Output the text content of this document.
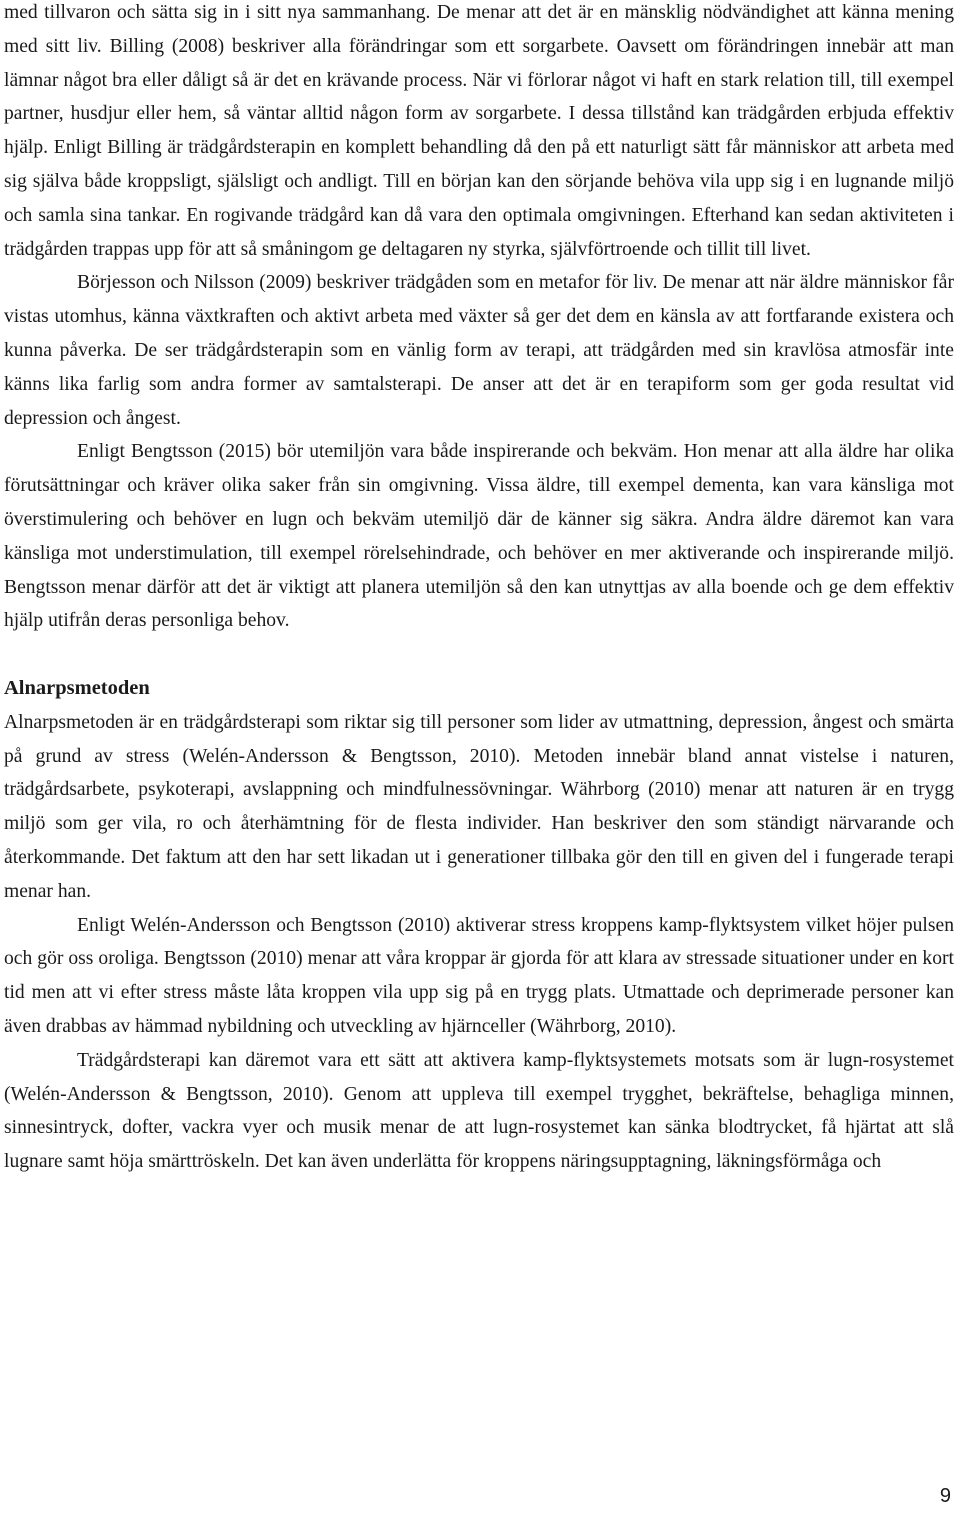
med tillvaron och sätta sig in i sitt nya sammanhang. De menar att det är en mänsklig nödvändighet att känna mening med sitt liv. Billing (2008) beskriver alla förändringar som ett sorgarbete. Oavsett om förändringen innebär att man lämnar något bra eller dåligt så är det en krävande process. När vi förlorar något vi haft en stark relation till, till exempel partner, husdjur eller hem, så väntar alltid någon form av sorgarbete. I dessa tillstånd kan trädgården erbjuda effektiv hjälp. Enligt Billing är trädgårdsterapin en komplett behandling då den på ett naturligt sätt får människor att arbeta med sig själva både kroppsligt, själsligt och andligt. Till en början kan den sörjande behöva vila upp sig i en lugnande miljö och samla sina tankar. En rogivande trädgård kan då vara den optimala omgivningen. Efterhand kan sedan aktiviteten i trädgården trappas upp för att så småningom ge deltagaren ny styrka, självförtroende och tillit till livet.

Börjesson och Nilsson (2009) beskriver trädgåden som en metafor för liv. De menar att när äldre människor får vistas utomhus, känna växtkraften och aktivt arbeta med växter så ger det dem en känsla av att fortfarande existera och kunna påverka. De ser trädgårdsterapin som en vänlig form av terapi, att trädgården med sin kravlösa atmosfär inte känns lika farlig som andra former av samtalsterapi. De anser att det är en terapiform som ger goda resultat vid depression och ångest.

Enligt Bengtsson (2015) bör utemiljön vara både inspirerande och bekväm. Hon menar att alla äldre har olika förutsättningar och kräver olika saker från sin omgivning. Vissa äldre, till exempel dementa, kan vara känsliga mot överstimulering och behöver en lugn och bekväm utemiljö där de känner sig säkra. Andra äldre däremot kan vara känsliga mot understimulation, till exempel rörelsehindrade, och behöver en mer aktiverande och inspirerande miljö. Bengtsson menar därför att det är viktigt att planera utemiljön så den kan utnyttjas av alla boende och ge dem effektiv hjälp utifrån deras personliga behov.

Alnarpsmetoden

Alnarpsmetoden är en trädgårdsterapi som riktar sig till personer som lider av utmattning, depression, ångest och smärta på grund av stress (Welén-Andersson & Bengtsson, 2010). Metoden innebär bland annat vistelse i naturen, trädgårdsarbete, psykoterapi, avslappning och mindfulnessövningar. Währborg (2010) menar att naturen är en trygg miljö som ger vila, ro och återhämtning för de flesta individer. Han beskriver den som ständigt närvarande och återkommande. Det faktum att den har sett likadan ut i generationer tillbaka gör den till en given del i fungerade terapi menar han.

Enligt Welén-Andersson och Bengtsson (2010) aktiverar stress kroppens kamp-flyktsystem vilket höjer pulsen och gör oss oroliga. Bengtsson (2010) menar att våra kroppar är gjorda för att klara av stressade situationer under en kort tid men att vi efter stress måste låta kroppen vila upp sig på en trygg plats. Utmattade och deprimerade personer kan även drabbas av hämmad nybildning och utveckling av hjärnceller (Währborg, 2010).

Trädgårdsterapi kan däremot vara ett sätt att aktivera kamp-flyktsystemets motsats som är lugn-rosystemet (Welén-Andersson & Bengtsson, 2010). Genom att uppleva till exempel trygghet, bekräftelse, behagliga minnen, sinnesintryck, dofter, vackra vyer och musik menar de att lugn-rosystemet kan sänka blodtrycket, få hjärtat att slå lugnare samt höja smärttröskeln. Det kan även underlätta för kroppens näringsupptagning, läkningsförmåga och

9
